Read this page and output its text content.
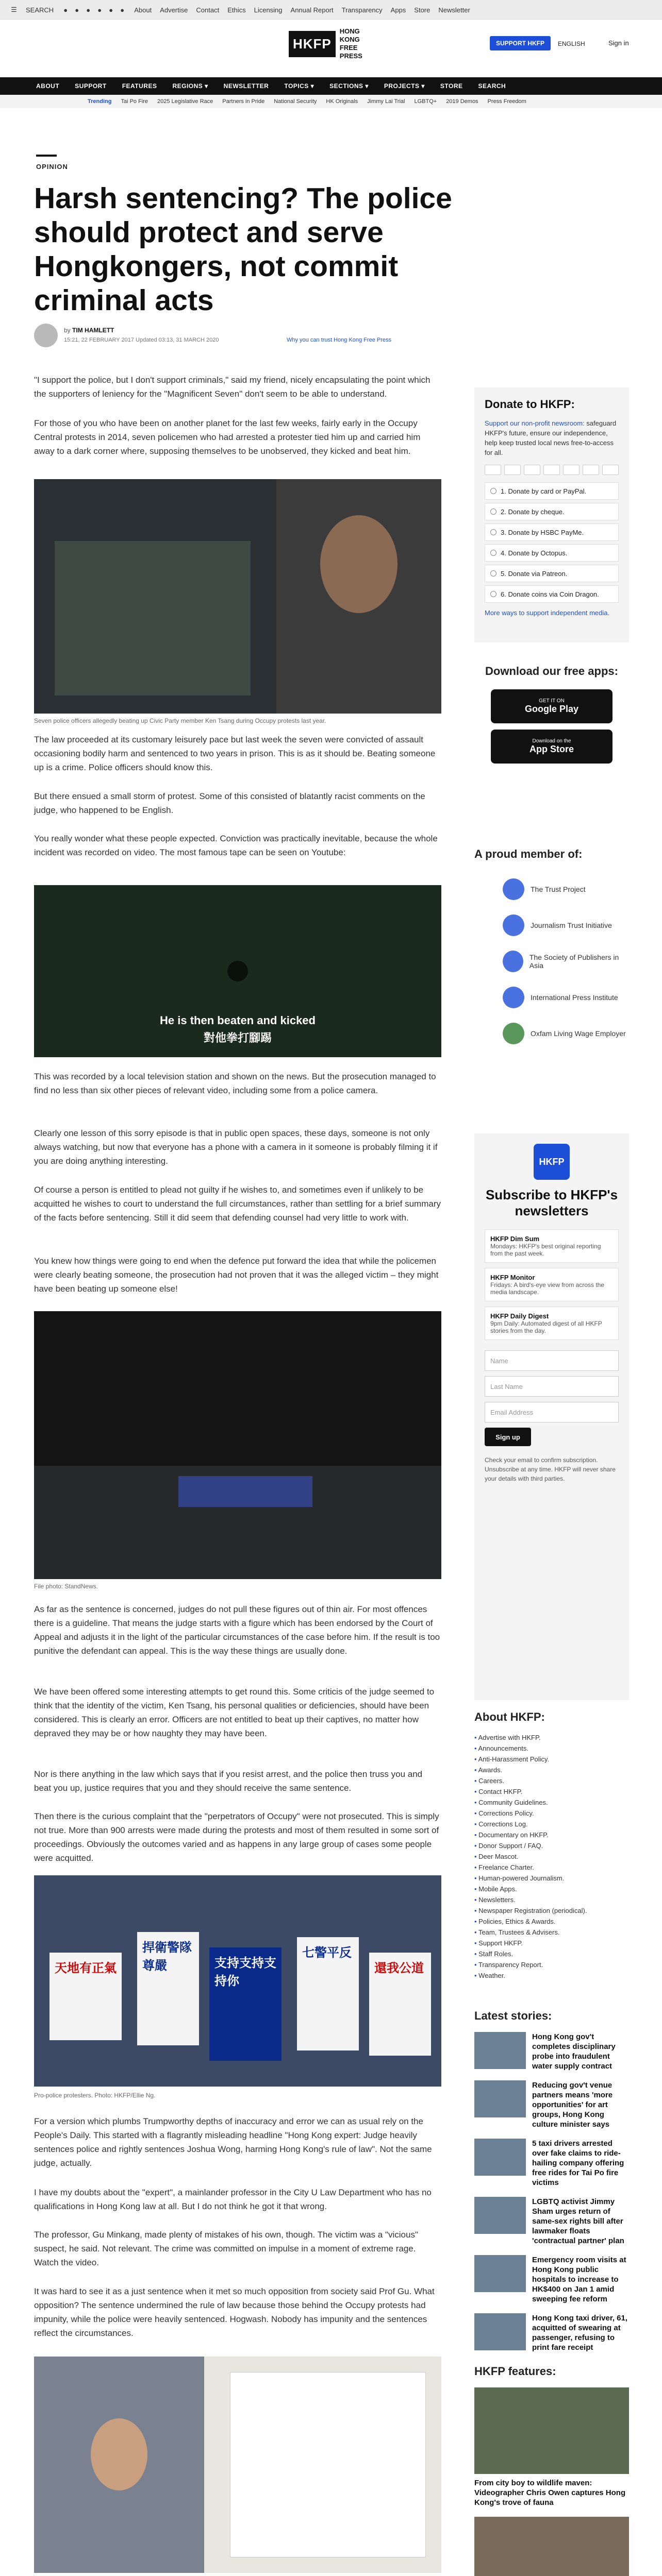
☰ SEARCH ● ● ● ● ● ● About Advertise Contact Ethics Licensing Annual Report Transparency Apps Store Newsletter
HKFP
HONG KONG
FREE PRESS
SUPPORT HKFP	ENGLISH	Sign in
ABOUT	SUPPORT	FEATURES	REGIONS ▾	NEWSLETTER	TOPICS ▾	SECTIONS ▾	PROJECTS ▾	STORE	SEARCH
Trending Tai Po Fire 2025 Legislative Race Partners in Pride National Security HK Originals Jimmy Lai Trial LGBTQ+ 2019 Demos Press Freedom
OPINION
Harsh sentencing? The police should protect and serve Hongkongers, not commit criminal acts
by TIM HAMLETT
15:21, 22 FEBRUARY 2017 Updated 03:13, 31 MARCH 2020	Why you can trust Hong Kong Free Press

"I support the police, but I don't support criminals," said my friend, nicely encapsulating the point which the supporters of leniency for the "Magnificent Seven" don't seem to be able to understand.

For those of you who have been on another planet for the last few weeks, fairly early in the Occupy Central protests in 2014, seven policemen who had arrested a protester tied him up and carried him away to a dark corner where, supposing themselves to be unobserved, they kicked and beat him.

Seven police officers allegedly beating up Civic Party member Ken Tsang during Occupy protests last year.

The law proceeded at its customary leisurely pace but last week the seven were convicted of assault occasioning bodily harm and sentenced to two years in prison. This is as it should be. Beating someone up is a crime. Police officers should know this.

But there ensued a small storm of protest. Some of this consisted of blatantly racist comments on the judge, who happened to be English.

You really wonder what these people expected. Conviction was practically inevitable, because the whole incident was recorded on video. The most famous tape can be seen on Youtube:

He is then beaten and kicked
對他拳打腳踢

This was recorded by a local television station and shown on the news. But the prosecution managed to find no less than six other pieces of relevant video, including some from a police camera.

Clearly one lesson of this sorry episode is that in public open spaces, these days, someone is not only always watching, but now that everyone has a phone with a camera in it someone is probably filming it if you are doing anything interesting.

Of course a person is entitled to plead not guilty if he wishes to, and sometimes even if unlikely to be acquitted he wishes to court to understand the full circumstances, rather than settling for a brief summary of the facts before sentencing. Still it did seem that defending counsel had very little to work with.

You knew how things were going to end when the defence put forward the idea that while the policemen were clearly beating someone, the prosecution had not proven that it was the alleged victim – they might have been beating up someone else!

File photo: StandNews.

As far as the sentence is concerned, judges do not pull these figures out of thin air. For most offences there is a guideline. That means the judge starts with a figure which has been endorsed by the Court of Appeal and adjusts it in the light of the particular circumstances of the case before him. If the result is too punitive the defendant can appeal. This is the way these things are usually done.

We have been offered some interesting attempts to get round this. Some criticis of the judge seemed to think that the identity of the victim, Ken Tsang, his personal qualities or deficiencies, should have been considered. This is clearly an error. Officers are not entitled to beat up their captives, no matter how depraved they may be or how naughty they may have been.

Nor is there anything in the law which says that if you resist arrest, and the police then truss you and beat you up, justice requires that you and they should receive the same sentence.

Then there is the curious complaint that the "perpetrators of Occupy" were not prosecuted. This is simply not true. More than 900 arrests were made during the protests and most of them resulted in some sort of proceedings. Obviously the outcomes varied and as happens in any large group of cases some people were acquitted.

天地有正氣
捍衛警隊尊嚴	支持支持支持你
七警平反
還我公道
Pro-police protesters. Photo: HKFP/Ellie Ng.

For a version which plumbs Trumpworthy depths of inaccuracy and error we can as usual rely on the People's Daily. This started with a flagrantly misleading headline "Hong Kong expert: Judge heavily sentences police and rightly sentences Joshua Wong, harming Hong Kong's rule of law". Not the same judge, actually.

I have my doubts about the "expert", a mainlander professor in the City U Law Department who has no qualifications in Hong Kong law at all. But I do not think he got it that wrong.

The professor, Gu Minkang, made plenty of mistakes of his own, though. The victim was a "vicious" suspect, he said. Not relevant. The crime was committed on impulse in a moment of extreme rage. Watch the video.

It was hard to see it as a just sentence when it met so much opposition from society said Prof Gu. What opposition? The sentence undermined the rule of law because those behind the Occupy protests had impunity, while the police were heavily sentenced. Hogwash. Nobody has impunity and the sentences reflect the circumstances.

Donate to HKFP:

Support our non-profit newsroom: safeguard HKFP's future, ensure our independence, help keep trusted local news free-to-access for all.

1. Donate by card or PayPal.
2. Donate by cheque.
3. Donate by HSBC PayMe.
4. Donate by Octopus.
5. Donate via Patreon.
6. Donate coins via Coin Dragon.
More ways to support independent media.
Download our free apps:
GET IT ON
Google Play
Download on the
App Store
A proud member of:
The Trust Project
Journalism Trust Initiative
The Society of Publishers in Asia
International Press Institute
Oxfam Living Wage Employer
HKFP
Subscribe to HKFP's newsletters
HKFP Dim Sum
Mondays: HKFP's best original reporting from the past week.
HKFP Monitor
Fridays: A bird's-eye view from across the media landscape.
HKFP Daily Digest
9pm Daily: Automated digest of all HKFP stories from the day.
Name
Last Name
Email Address
Sign up

Check your email to confirm subscription. Unsubscribe at any time. HKFP will never share your details with third parties.

About HKFP:
• Advertise with HKFP.
• Announcements.
• Anti-Harassment Policy.
• Awards.
• Careers.
• Contact HKFP.
• Community Guidelines.
• Corrections Policy.
• Corrections Log.
• Documentary on HKFP.
• Donor Support / FAQ.
• Deer Mascot.
• Freelance Charter.
• Human-powered Journalism.
• Mobile Apps.
• Newsletters.
• Newspaper Registration (periodical).
• Policies, Ethics & Awards.
• Team, Trustees & Advisers.
• Support HKFP.
• Staff Roles.
• Transparency Report.
• Weather.
Latest stories:
Hong Kong gov't completes disciplinary probe into fraudulent water supply contract
Reducing gov't venue partners means 'more opportunities' for art groups, Hong Kong culture minister says
5 taxi drivers arrested over fake claims to ride-hailing company offering free rides for Tai Po fire victims
LGBTQ activist Jimmy Sham urges return of same-sex rights bill after lawmaker floats 'contractual partner' plan
Emergency room visits at Hong Kong public hospitals to increase to HK$400 on Jan 1 amid sweeping fee reform
Hong Kong taxi driver, 61, acquitted of swearing at passenger, refusing to print fare receipt
HKFP features:
From city boy to wildlife maven: Videographer Chris Owen captures Hong Kong's trove of fauna
